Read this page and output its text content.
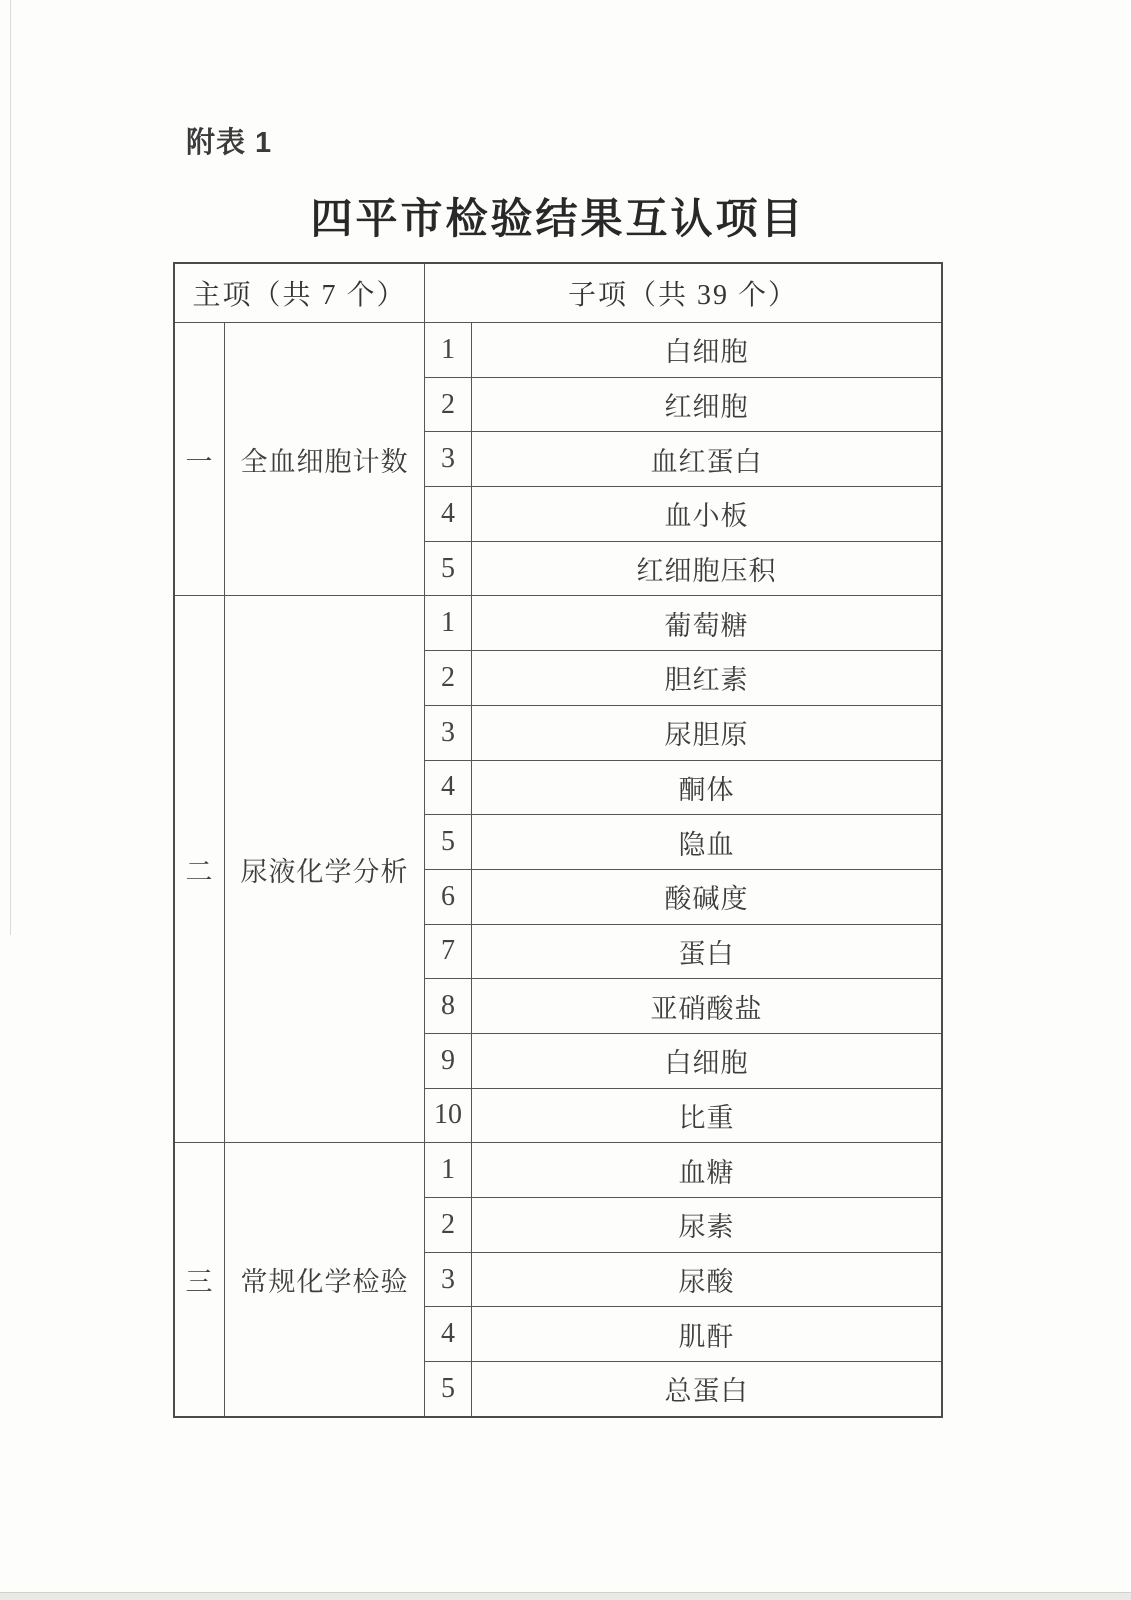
附表 1
四平市检验结果互认项目
主项（共 7 个）	子项（共 39 个）
一	全血细胞计数
1	白细胞
2	红细胞
3	血红蛋白
4	血小板
5	红细胞压积
二	尿液化学分析
1	葡萄糖
2	胆红素
3	尿胆原
4	酮体
5	隐血
6	酸碱度
7	蛋白
8	亚硝酸盐
9	白细胞
10	比重
三	常规化学检验
1	血糖
2	尿素
3	尿酸
4	肌酐
5	总蛋白
